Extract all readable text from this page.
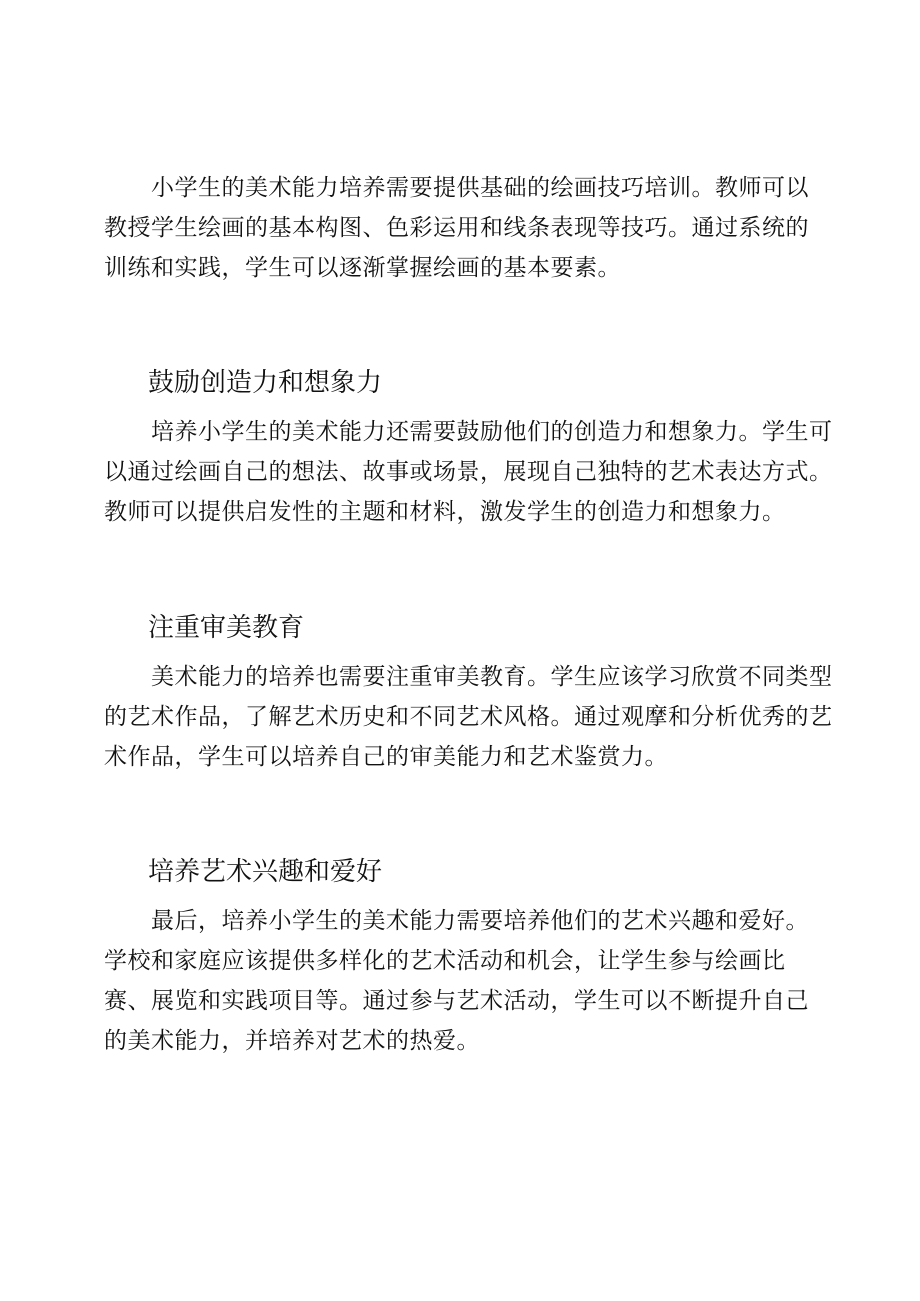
　　小学生的美术能力培养需要提供基础的绘画技巧培训。教师可以
教授学生绘画的基本构图、色彩运用和线条表现等技巧。通过系统的
训练和实践，学生可以逐渐掌握绘画的基本要素。

鼓励创造力和想象力

　　培养小学生的美术能力还需要鼓励他们的创造力和想象力。学生可
以通过绘画自己的想法、故事或场景，展现自己独特的艺术表达方式。
教师可以提供启发性的主题和材料，激发学生的创造力和想象力。

注重审美教育

　　美术能力的培养也需要注重审美教育。学生应该学习欣赏不同类型
的艺术作品，了解艺术历史和不同艺术风格。通过观摩和分析优秀的艺
术作品，学生可以培养自己的审美能力和艺术鉴赏力。

培养艺术兴趣和爱好

　　最后，培养小学生的美术能力需要培养他们的艺术兴趣和爱好。
学校和家庭应该提供多样化的艺术活动和机会，让学生参与绘画比
赛、展览和实践项目等。通过参与艺术活动，学生可以不断提升自己
的美术能力，并培养对艺术的热爱。
